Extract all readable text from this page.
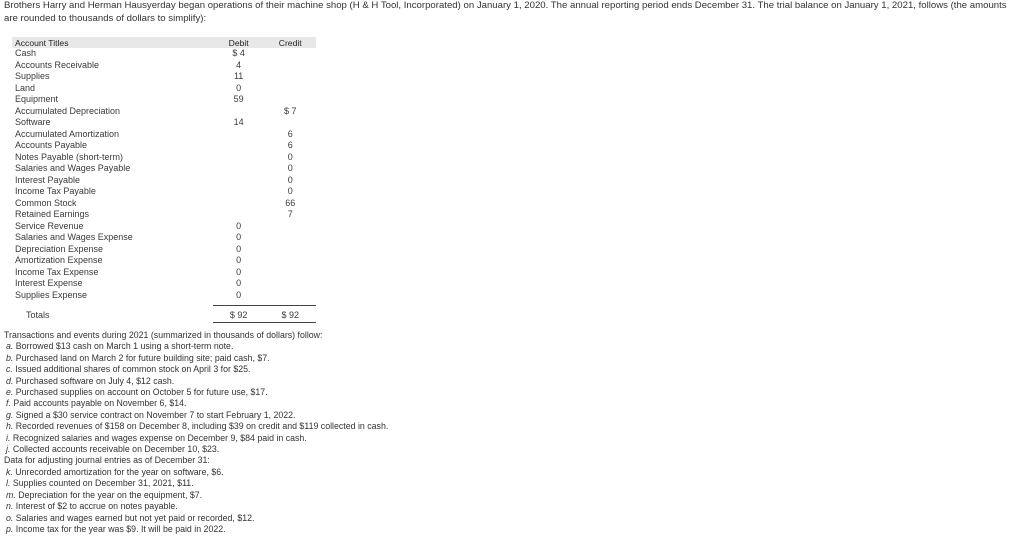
Brothers Harry and Herman Hausyerday began operations of their machine shop (H & H Tool, Incorporated) on January 1, 2020. The annual reporting period ends December 31. The trial balance on January 1, 2021, follows (the amounts are rounded to thousands of dollars to simplify):
Account Titles	Debit	Credit
Cash	$ 4	
Accounts Receivable	4	
Supplies	11	
Land	0	
Equipment	59	
Accumulated Depreciation		$ 7
Software	14	
Accumulated Amortization		6
Accounts Payable		6
Notes Payable (short-term)		0
Salaries and Wages Payable		0
Interest Payable		0
Income Tax Payable		0
Common Stock		66
Retained Earnings		7
Service Revenue	0	
Salaries and Wages Expense	0	
Depreciation Expense	0	
Amortization Expense	0	
Income Tax Expense	0	
Interest Expense	0	
Supplies Expense	0	

Totals	$ 92	$ 92
Transactions and events during 2021 (summarized in thousands of dollars) follow:
a. Borrowed $13 cash on March 1 using a short-term note.
b. Purchased land on March 2 for future building site; paid cash, $7.
c. Issued additional shares of common stock on April 3 for $25.
d. Purchased software on July 4, $12 cash.
e. Purchased supplies on account on October 5 for future use, $17.
f. Paid accounts payable on November 6, $14.
g. Signed a $30 service contract on November 7 to start February 1, 2022.
h. Recorded revenues of $158 on December 8, including $39 on credit and $119 collected in cash.
i. Recognized salaries and wages expense on December 9, $84 paid in cash.
j. Collected accounts receivable on December 10, $23.
Data for adjusting journal entries as of December 31:
k. Unrecorded amortization for the year on software, $6.
l. Supplies counted on December 31, 2021, $11.
m. Depreciation for the year on the equipment, $7.
n. Interest of $2 to accrue on notes payable.
o. Salaries and wages earned but not yet paid or recorded, $12.
p. Income tax for the year was $9. It will be paid in 2022.
